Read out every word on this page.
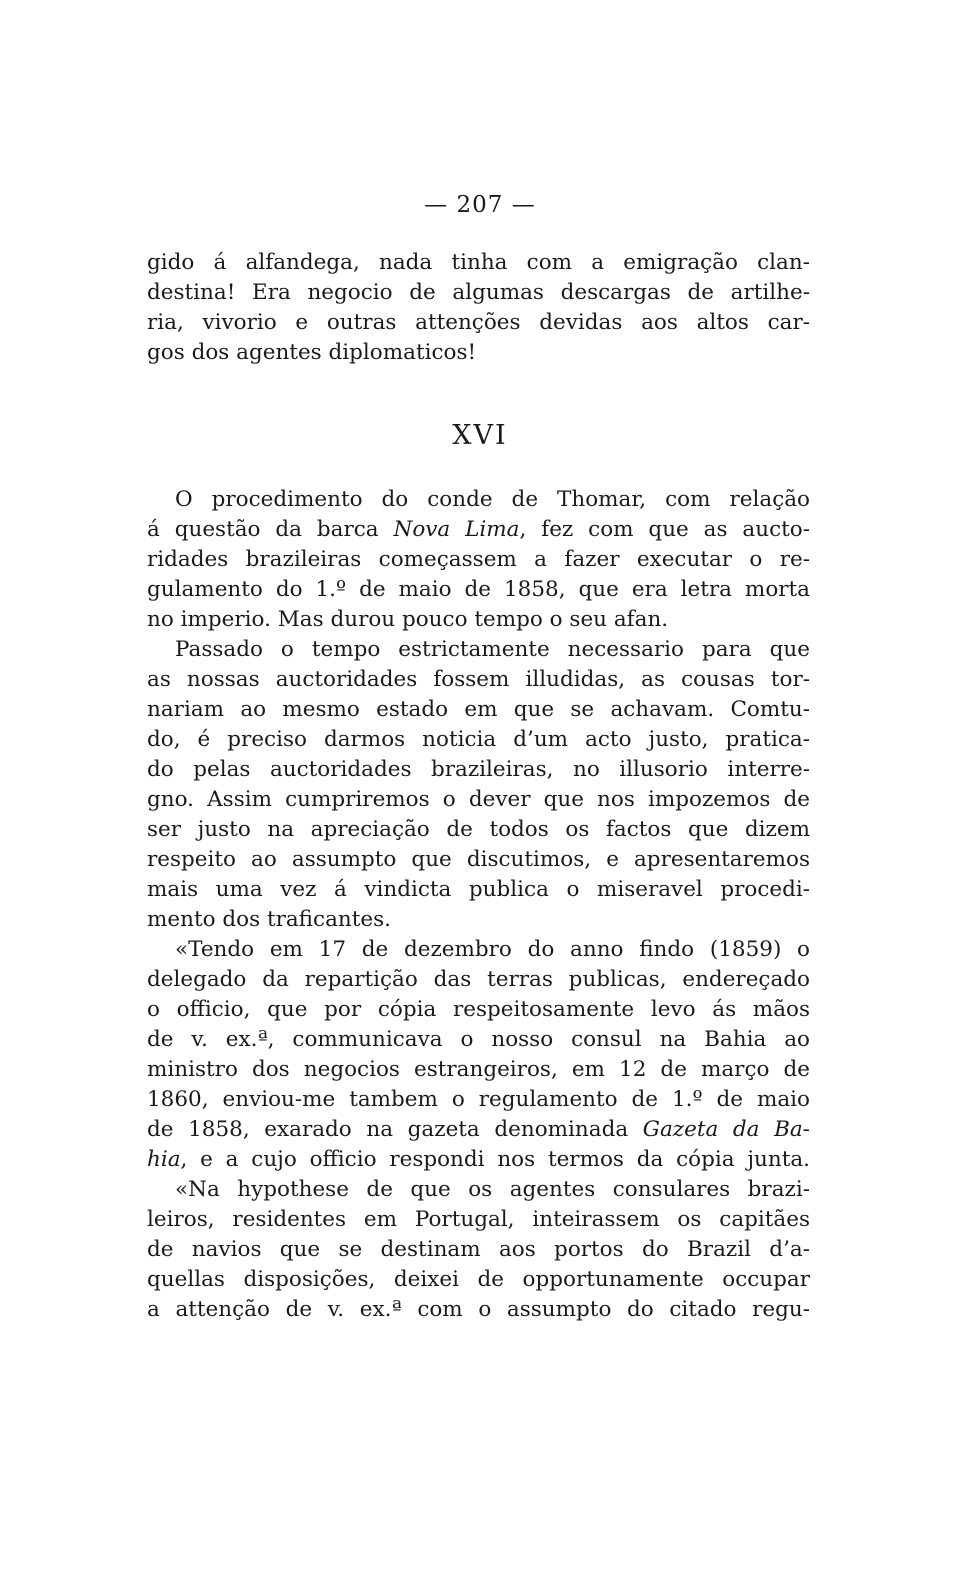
— 207 —
gido á alfandega, nada tinha com a emigração clan-
destina! Era negocio de algumas descargas de artilhe-
ria, vivorio e outras attenções devidas aos altos car-
gos dos agentes diplomaticos!
XVI
O procedimento do conde de Thomar, com relação
á questão da barca Nova Lima, fez com que as aucto-
ridades brazileiras começassem a fazer executar o re-
gulamento do 1.º de maio de 1858, que era letra morta
no imperio. Mas durou pouco tempo o seu afan.
Passado o tempo estrictamente necessario para que
as nossas auctoridades fossem illudidas, as cousas tor-
nariam ao mesmo estado em que se achavam. Comtu-
do, é preciso darmos noticia d’um acto justo, pratica-
do pelas auctoridades brazileiras, no illusorio interre-
gno. Assim cumpriremos o dever que nos impozemos de
ser justo na apreciação de todos os factos que dizem
respeito ao assumpto que discutimos, e apresentaremos
mais uma vez á vindicta publica o miseravel procedi-
mento dos traficantes.
«Tendo em 17 de dezembro do anno findo (1859) o
delegado da repartição das terras publicas, endereçado
o officio, que por cópia respeitosamente levo ás mãos
de v. ex.ª, communicava o nosso consul na Bahia ao
ministro dos negocios estrangeiros, em 12 de março de
1860, enviou-me tambem o regulamento de 1.º de maio
de 1858, exarado na gazeta denominada Gazeta da Ba-
hia, e a cujo officio respondi nos termos da cópia junta.
«Na hypothese de que os agentes consulares brazi-
leiros, residentes em Portugal, inteirassem os capitães
de navios que se destinam aos portos do Brazil d’a-
quellas disposições, deixei de opportunamente occupar
a attenção de v. ex.ª com o assumpto do citado regu-
